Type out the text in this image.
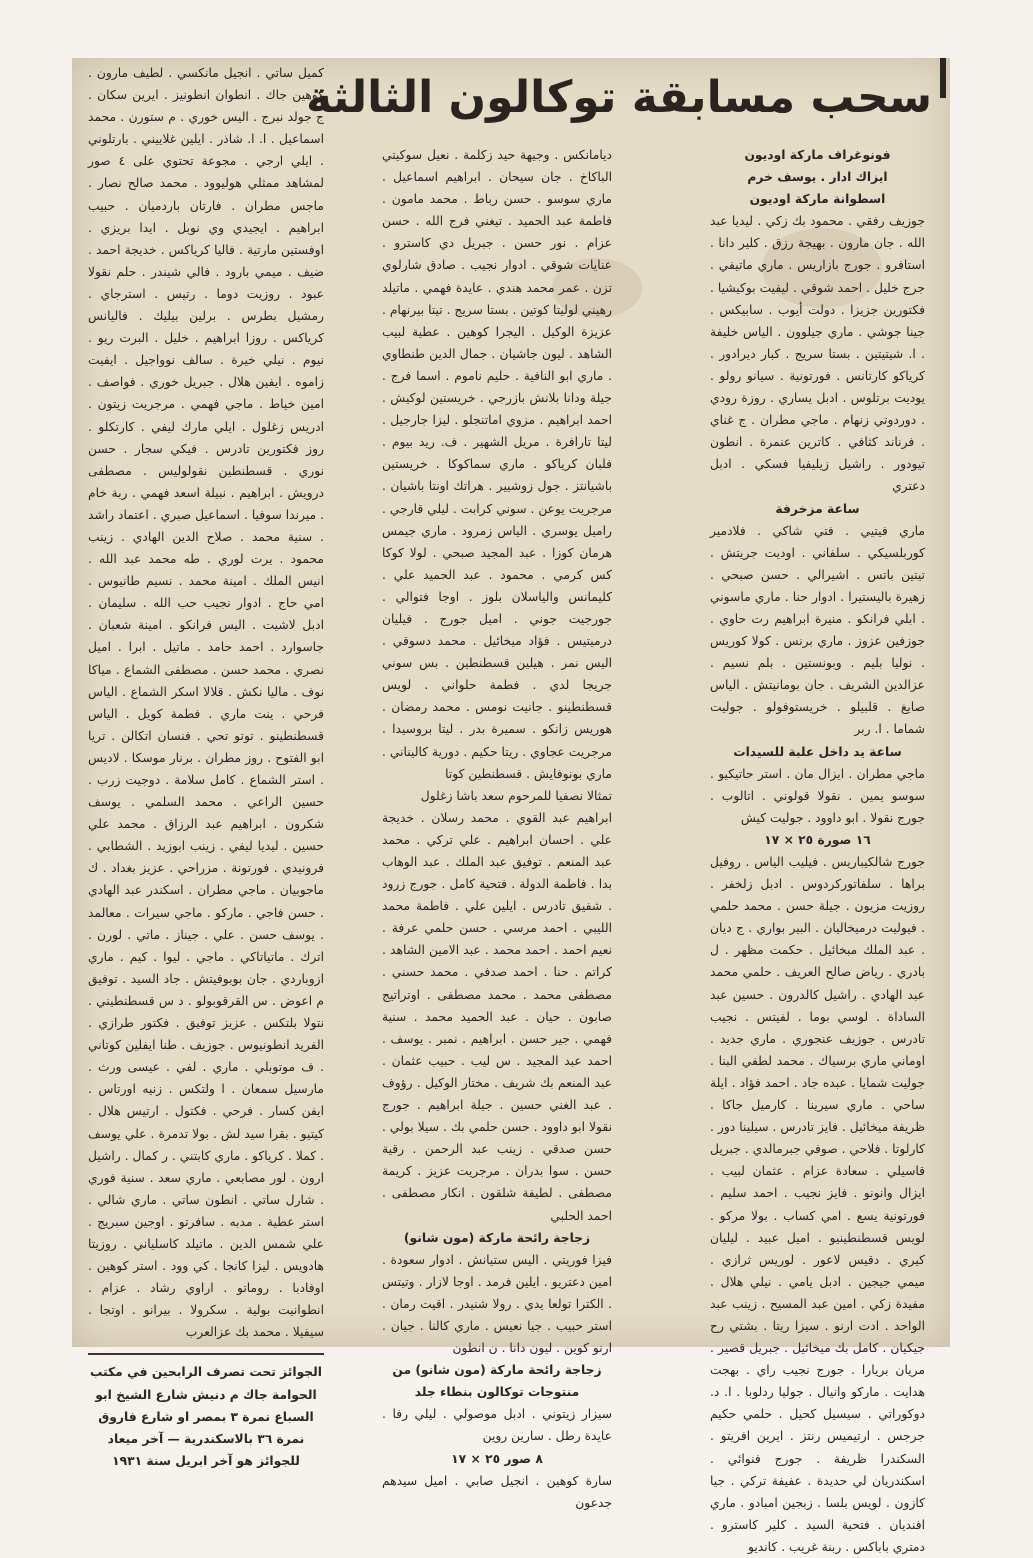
سحب مسابقة توكالون الثالثة

فونوغراف ماركة اوديون

ايزاك ادار . يوسف خرم

اسطوانة ماركة اوديون

جوزيف رفقي . محمود بك زكي . ليديا عبد الله . جان مارون . بهيجة رزق . كلير دانا . استافرو . جورج بازاريس . ماري ماتيفي . جرج خليل . احمد شوقي . ليفيت بوكيشيا . فكتورين جزيزا . دولت أيوب . سابيكس . جينا جوشي . ماري جيلوون . الياس خليفة . ا. شيتيتين . بستا سريج . كبار ديرادور . كرياكو كارتانس . فورتونية . سيانو رولو . يوديت برتلوس . ادبل يساري . روزة رودي . دوردوتي زنهام . ماجي مطران . ج غناي . فرناند كثافي . كاترين عنمرة . انطون تيودور . راشيل زيليفيا فسكي . ادبل دعتري

ساعة مزخرفة

ماري فيتيي . فتي شاكي . فلادمير كوربلسيكي . سلفاني . اوديت جريتش . تيتين باتس . اشيرالي . حسن صبحي . زهيرة باليستيرا . ادوار حنا . ماري ماسوني . ابلي فرانكو . منيرة ابراهيم رت حاوي . جوزفين عزوز . ماري برنس . كولا كوريس . نوليا بليم . وبونستين . بلم نسيم . عزالدين الشريف . جان بومانيتش . الياس صايغ . قلبيلو . خريستوفولو . جوليت شماما . ا. ربر

ساعة يد داخل علبة للسيدات

ماجي مطران . ايزال مان . استر حاتيكيو . سوسو يمين . نقولا قولوني . اتالوب . جورج نقولا . ابو داوود . جوليت كيش

١٦ صورة ٢٥ × ١٧

جورج شالكيباريس . فيليب الياس . روفيل براها . سلفاتوركردوس . ادبل زلخفر . روزيت مزيون . جيلة حسن . محمد حلمي . فيوليت درميخاليان . البير بواري . ج ديان . عبد الملك مبخائيل . حكمت مظهر . ل بادري . رياض صالح العريف . حلمي محمد عبد الهادي . راشيل كالدرون . حسين عبد الساداة . لوسي بوما . لفيتس . نجيب تادرس . جوزيف عنجوري . ماري جديد . اوماني ماري برسياك . محمد لطفي البنا . جوليت شمايا . عبده جاد . احمد فؤاد . ايلة ساحي . ماري سيرينا . كارميل جاكا . ظريفة ميخائيل . فايز تادرس . سيلينا دور . كارلوتا . فلاحي . صوفي جبرمالدي . جبريل قاسيلي . سعادة عزام . عثمان لبيب . ايزال وانونو . فايز نجيب . احمد سليم . فورتونية يسع . امي كساب . بولا مركو . لويس قسطنطينيو . اميل عبيد . ليليان كيري . دقيس لاعور . لوريس ثرازي . ميمي جيجين . ادبل يامي . نيلي هلال . مفيدة زكي . امين عبد المسيح . زينب عبد الواحد . ادت ارنو . سيزا ريتا . بشتي رح جيكيان . كامل بك ميخائيل . جبريل قصير . مريان بريارا . جورج نجيب راي . بهجت هدايت . ماركو وانيال . جوليا ردلوبا . ا. د. دوكوراتي . سيسيل كحيل . حلمي حكيم جرجس . ارتيميس رنتز . ايرين افريتو . السكندرا ظريفة . جورج فنوائي . اسكندريان لي حديدة . عفيفة تركي . جيا كازون . لويس بلسا . زبجين امبادو . ماري افنديان . فتحية السيد . كلير كاسترو . دمتري باباكس . ربنة غريب . كانديو

ديامانكس . وجيهة حيد زكلمة . نعيل سوكيتي الباكاخ . جان سيحان . ابراهيم اسماعيل . ماري سوسو . حسن رباط . محمد مامون . فاطمة عبد الحميد . تيغني فرج الله . حسن عزام . نور حسن . جبريل دي كاسترو . عنايات شوقي . ادوار نجيب . صادق شارلوي تزن . عمر محمد هندي . عايدة فهمي . ماتيلد رهيني لوليتا كوتين . بستا سريج . تيتا بيرنهام . عزيزة الوكيل . اليجرا كوهين . عطية لبيب الشاهد . ليون جاشيان . جمال الدين طنطاوي . ماري ابو النافية . حليم ناموم . اسما فرج . جيلة ودانا بلانش بازرجي . خريستين لوكيش . احمد ابراهيم . مزوي اماتنجلو . ليزا جارجيل . ليتا تارافرة . مريل الشهير . ف. ريد بيوم . فلبان كرياكو . ماري سماكوكا . خريستين باشيانتز . جول زوشيير . هراتك اونتا باشيان . مرجريت يوعن . سوني كرابت . ليلي قارجي . راميل يوسري . الياس زمرود . ماري جيمس هرمان كوزا . عبد المجيد صبحي . لولا كوكا كس كرمي . محمود . عبد الحميد علي . كليمانس والياسلان بلوز . اوجا فتوالي . جورجيت جوني . اميل جورج . فيليان درميتيس . فؤاد ميخائيل . محمد دسوقي . اليس نمر . هيلين قسطنطين . بس سوني جريجا لدي . فطمة حلواني . لويس قسطنطينو . جانيت نومس . محمد رمضان . هوريس زانكو . سميرة بدر . ليتا بروسيدا . مرجريت عجاوي . ريتا حكيم . دورية كاليناني . ماري بونوفايش . قسطنطين كوتا

تمثالا نصفيا للمرحوم سعد باشا زغلول

ابراهيم عبد القوي . محمد رسلان . خديجة علي . احسان ابراهيم . علي تركي . محمد عبد المنعم . توفيق عبد الملك . عبد الوهاب بدا . فاطمة الدولة . فتحية كامل . جورج زرود . شفيق تادرس . ايلين علي . فاطمة محمد الليبي . احمد مرسي . حسن حلمي عرفة . نعيم احمد . احمد محمد . عبد الامين الشاهد . كراتم . حنا . احمد صدفي . محمد حسني . مصطفى محمد . محمد مصطفى . اوتراتيج صابون . حيان . عبد الحميد محمد . سنية فهمي . جير حسن . ابراهيم . نمبر . يوسف . احمد عبد المجيد . س ليب . حبيب عثمان . عبد المنعم بك شريف . مختار الوكيل . رؤوف . عبد الغني حسين . جيلة ابراهيم . جورج نقولا ابو داوود . حسن حلمي بك . سيلا بولي . حسن صدقي . زينب عبد الرحمن . رقية حسن . سوا بدران . مرجريت عزيز . كريمة مصطفى . لطيفة شلقون . انكار مصطفى . احمد الحلبي

زجاجة رائحة ماركة (مون شانو)

فيزا فوريتي . اليس ستيانش . ادوار سعودة . امين دعتريو . ايلين فرمد . اوجا لازار . وتيتس . الكترا تولعا يدي . رولا شنيدر . اقيت رمان . استر حبيب . جيا نعيس . ماري كالنا . جيان . ارنو كوين . ليون دانا . ن انطون

زجاجة رائحة ماركة (مون شانو) من منتوجات توكالون بنطاء جلد

سيزار زيتوني . ادبل موصولي . ليلي رفا . عايدة رطل . سارين روين

٨ صور ٢٥ × ١٧

سارة كوهين . انجيل صابي . اميل سيدهم جدعون

كميل ساتي . انجيل مانكسي . لطيف مارون . كوهين جاك . انطوان انطونيز . ايرين سكان . ج جولد نبرج . اليس خوري . م ستورن . محمد اسماعيل . ا. ا. شاذر . ايلين غلاييني . بارتلوني . ايلي ارجي . مجوعة تحتوي على ٤ صور لمشاهد ممثلي هوليوود . محمد صالح نصار . ماجس مطران . فارتان باردميان . حبيب ابراهيم . ايجيدي وي نوبل . ايدا بريزي . اوفستين مارتية . فاليا كرياكس . خديجة احمد . ضيف . ميمي بارود . فالي شيندر . حلم نقولا عبود . روزيت دوما . رتيس . استرجاي . رمشيل بطرس . برلين بيليك . فاليانس كرياكس . روزا ابراهيم . خليل . البرت ريو . نيوم . نيلي خيرة . سالف نوواجيل . ايفيت زاموه . ايفين هلال . جبريل خوري . فواصف . امين خياط . ماجي فهمي . مرجريت زيتون . ادريس زغلول . ايلي مارك ليفي . كارتكلو . روز فكتورين تادرس . فيكي سجار . حسن نوري . قسطنطين نقولوليس . مصطفى درويش . ابراهيم . نبيلة اسعد فهمي . ربة خام . ميرندا سوفيا . اسماعيل صبري . اعتماد راشد . سنية محمد . صلاح الدين الهادي . زينب محمود . يرت لوري . طه محمد عبد الله . انيس الملك . امينة محمد . نسيم طانيوس . امي حاج . ادوار نجيب حب الله . سليمان . ادبل لاشيت . اليس فرانكو . امينة شعبان . جاسوارد . احمد حامد . ماتيل . ابرا . اميل نصري . محمد حسن . مصطفى الشماع . مياكا نوف . ماليا نكش . قلالا اسكر الشماع . الياس فرحي . ينت ماري . فطمة كويل . الياس قسطنطينو . توتو تحي . فنسان اتكالن . تريا ابو الفتوح . روز مطران . برنار موسكا . لاديس . استر الشماع . كامل سلامة . دوجيت زرب . حسين الراعي . محمد السلمي . يوسف شكرون . ابراهيم عبد الرزاق . محمد علي حسين . ليديا ليفي . زينب ابوزيد . الشطابي . فرونيدي . فورتونة . مزراحي . عزيز بغداد . ك ماجوبيان . ماجي مطران . اسكندر عبد الهادي . حسن فاجي . ماركو . ماجي سيرات . معالمد . يوسف حسن . علي . جيناز . ماتي . لورن . اترك . ماتياتاكي . ماجي . ليوا . كيم . ماري ازوباردي . جان بوبوفيتش . جاد السيد . توفيق م اعوض . س القرقوبولو . د س قسطنطيني . نتولا بلتكس . عزيز توفيق . فكتور طرازي . الفريد انطونيوس . جوزيف . طنا ايفلين كوتاني . ف موتوبلي . ماري . لفي . عيسى ورث . مارسيل سمعان . ا ولتكس . زنيه اورتاس . ايفن كسار . فرحي . فكتول . ارتيس هلال . كيتيو . بقرا سيد لش . بولا تدمرة . علي يوسف . كملا . كرياكو . ماري كابتني . ر كمال . راشيل ارون . لور مصابعي . ماري سعد . سنية فوري . شارل ساتي . انطون ساتي . ماري شالي . استر عطية . مدبه . سافرتو . اوجين سبريج . علي شمس الدين . ماتيلد كاسلياني . روزيتا هادويس . ليزا كانجا . كي وود . استر كوهين . اوفادبا . روماتو . اراوي رشاد . عزام . انطوانيت بولية . سكرولا . بيرانو . اوتجا . سيفيلا . محمد بك عزالعرب

الجوائز تحت تصرف الرابحين في مكتب الحوامة جاك م دنيش شارع الشيخ ابو السباع نمرة ٣ بمصر او شارع فاروق نمرة ٣٦ بالاسكندرية — آخر ميعاد للجوائز هو آخر ابريل سنة ١٩٣١
